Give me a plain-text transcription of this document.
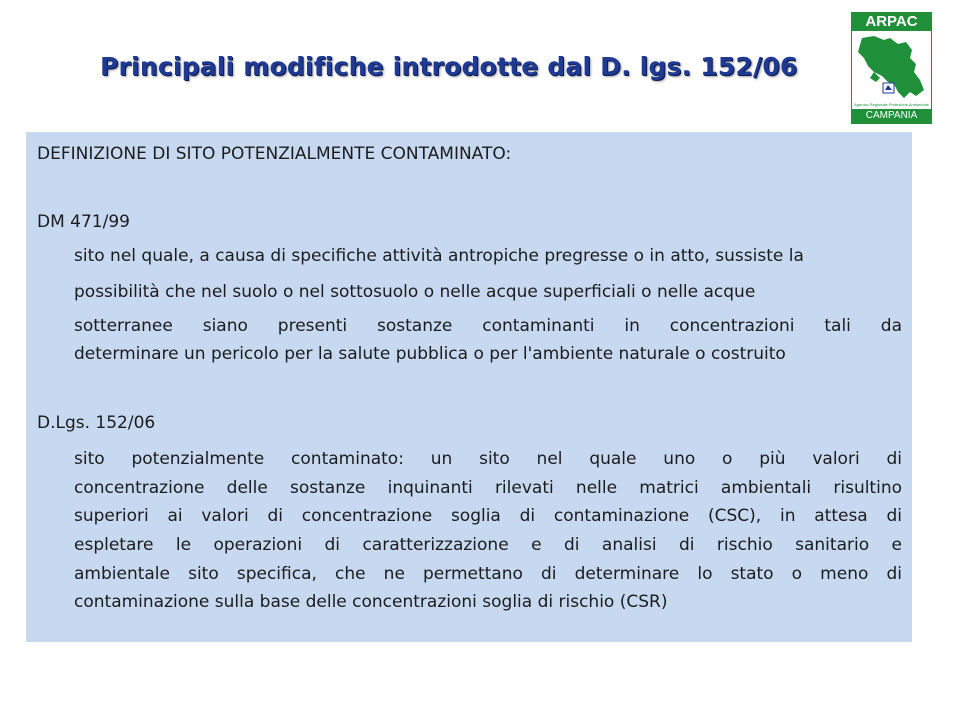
Principali modifiche introdotte dal D. lgs. 152/06
ARPAC
Agenzia Regionale Protezione Ambientale
CAMPANIA
DEFINIZIONE DI SITO POTENZIALMENTE CONTAMINATO:
DM 471/99
sito nel quale, a causa di specifiche attività antropiche pregresse o in atto, sussiste la
possibilità che nel suolo o nel sottosuolo o nelle acque superficiali o nelle acque
sotterranee siano presenti sostanze contaminanti in concentrazioni tali da
determinare un pericolo per la salute pubblica o per l'ambiente naturale o costruito
D.Lgs. 152/06
sito potenzialmente contaminato: un sito nel quale uno o più valori di
concentrazione delle sostanze inquinanti rilevati nelle matrici ambientali risultino
superiori ai valori di concentrazione soglia di contaminazione (CSC), in attesa di
espletare le operazioni di caratterizzazione e di analisi di rischio sanitario e
ambientale sito specifica, che ne permettano di determinare lo stato o meno di
contaminazione sulla base delle concentrazioni soglia di rischio (CSR)
